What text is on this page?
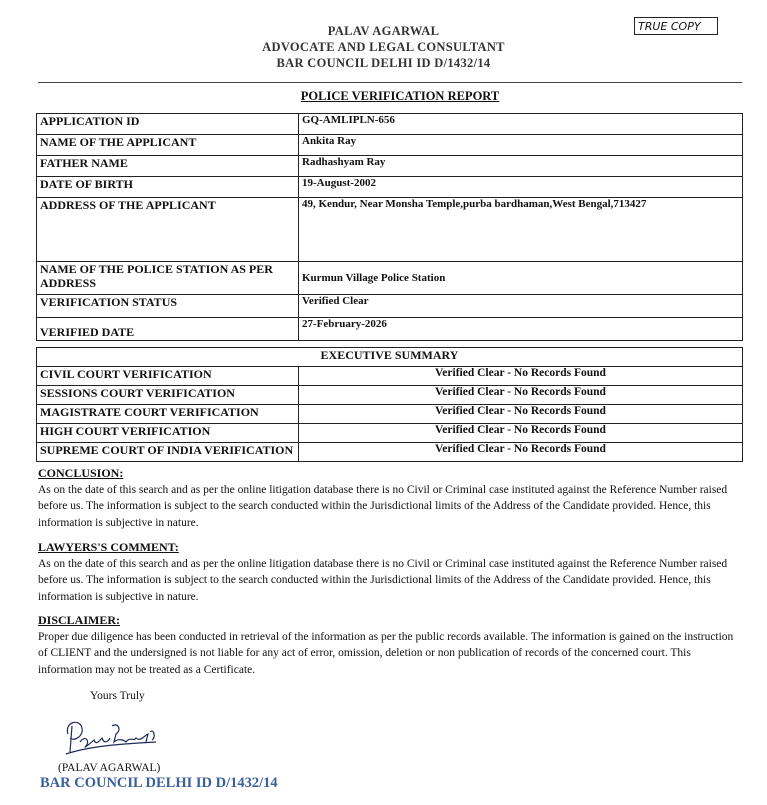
PALAV AGARWAL
ADVOCATE AND LEGAL CONSULTANT
BAR COUNCIL DELHI ID D/1432/14
TRUE COPY
POLICE VERIFICATION REPORT
APPLICATION ID	GQ-AMLIPLN-656
NAME OF THE APPLICANT	Ankita Ray
FATHER NAME	Radhashyam Ray
DATE OF BIRTH	19-August-2002
ADDRESS OF THE APPLICANT	49, Kendur, Near Monsha Temple,purba bardhaman,West Bengal,713427
NAME OF THE POLICE STATION AS PER ADDRESS	Kurmun Village Police Station
VERIFICATION STATUS	Verified Clear
VERIFIED DATE	27-February-2026
EXECUTIVE SUMMARY	
CIVIL COURT VERIFICATION	Verified Clear - No Records Found
SESSIONS COURT VERIFICATION	Verified Clear - No Records Found
MAGISTRATE COURT VERIFICATION	Verified Clear - No Records Found
HIGH COURT VERIFICATION	Verified Clear - No Records Found
SUPREME COURT OF INDIA VERIFICATION	Verified Clear - No Records Found
CONCLUSION:
As on the date of this search and as per the online litigation database there is no Civil or Criminal case instituted against the Reference Number raised before us. The information is subject to the search conducted within the Jurisdictional limits of the Address of the Candidate provided. Hence, this information is subjective in nature.
LAWYERS'S COMMENT:
As on the date of this search and as per the online litigation database there is no Civil or Criminal case instituted against the Reference Number raised before us. The information is subject to the search conducted within the Jurisdictional limits of the Address of the Candidate provided. Hence, this information is subjective in nature.
DISCLAIMER:
Proper due diligence has been conducted in retrieval of the information as per the public records available. The information is gained on the instruction of CLIENT and the undersigned is not liable for any act of error, omission, deletion or non publication of records of the concerned court. This information may not be treated as a Certificate.
Yours Truly
(PALAV AGARWAL)
BAR COUNCIL DELHI ID D/1432/14
